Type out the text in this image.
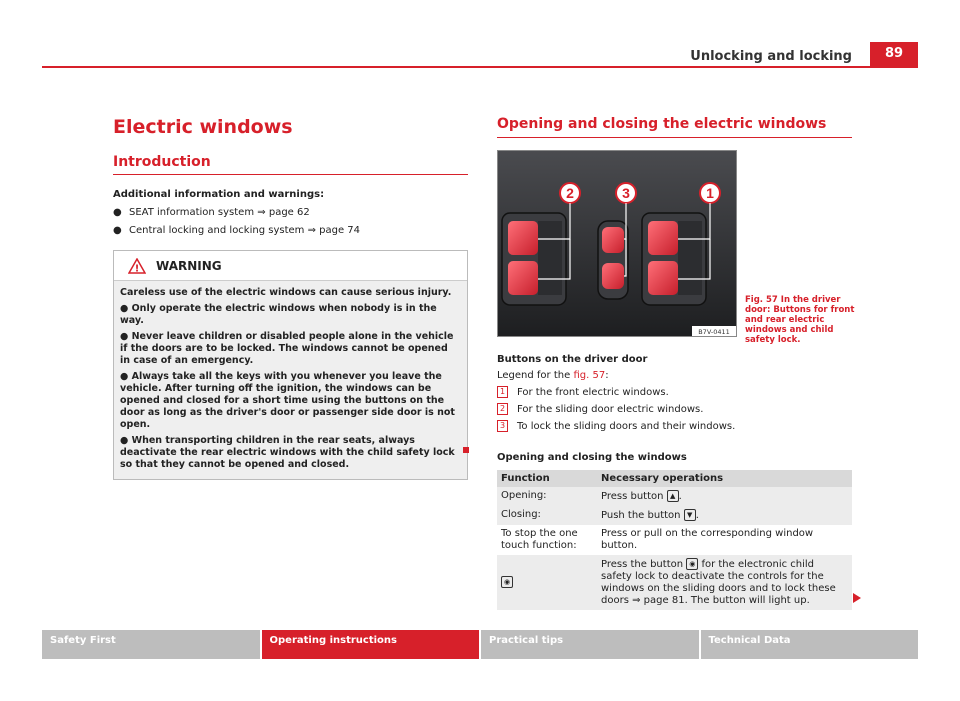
Unlocking and locking	89
Electric windows
Introduction
Additional information and warnings:
● SEAT information system ⇒ page 62
● Central locking and locking system ⇒ page 74
! WARNING

Careless use of the electric windows can cause serious injury.

● Only operate the electric windows when nobody is in the way.

● Never leave children or disabled people alone in the vehicle if the doors are to be locked. The windows cannot be opened in case of an emergency.

● Always take all the keys with you whenever you leave the vehicle. After turning off the ignition, the windows can be opened and closed for a short time using the buttons on the door as long as the driver's door or passenger side door is not open.

● When transporting children in the rear seats, always deactivate the rear electric windows with the child safety lock so that they cannot be opened and closed.

Opening and closing the electric windows
2	3	1
B7V-0411
Fig. 57 In the driver door: Buttons for front and rear electric windows and child safety lock.
Buttons on the driver door
Legend for the fig. 57:
1 For the front electric windows.
2 For the sliding door electric windows.
3 To lock the sliding doors and their windows.
Opening and closing the windows
Function	Necessary operations
Opening:	Press button ▲ .
Closing:	Push the button ▼ .
To stop the one touch function:	Press or pull on the corresponding window button.
◉	Press the button ◉ for the electronic child safety lock to deactivate the controls for the windows on the sliding doors and to lock these doors ⇒ page 81. The button will light up.
Safety First	Operating instructions	Practical tips	Technical Data
